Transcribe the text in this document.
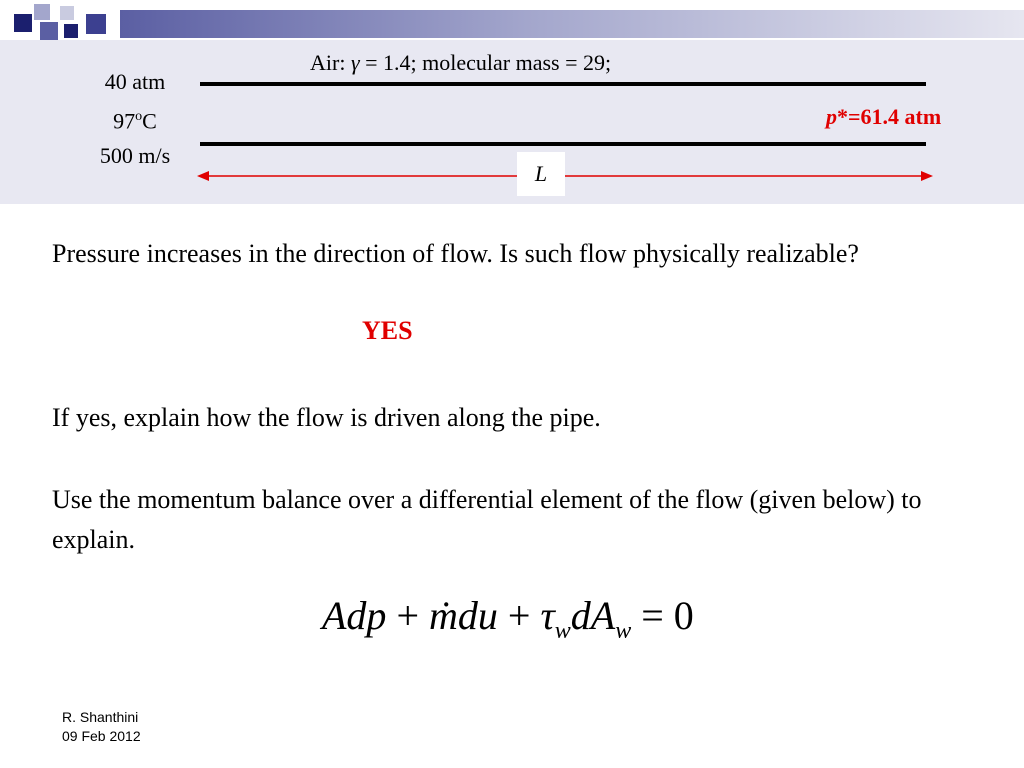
Air: γ = 1.4; molecular mass = 29;
40 atm
97$^o$C
500 m/s
p*=61.4 atm
L
Pressure increases in the direction of flow. Is such flow physically realizable?
YES
If yes, explain how the flow is driven along the pipe.
Use the momentum balance over a differential element of the flow (given below) to explain.
Adp + ṁdu + $\tau_wdA_w = 0$
R. Shanthini
09 Feb 2012
